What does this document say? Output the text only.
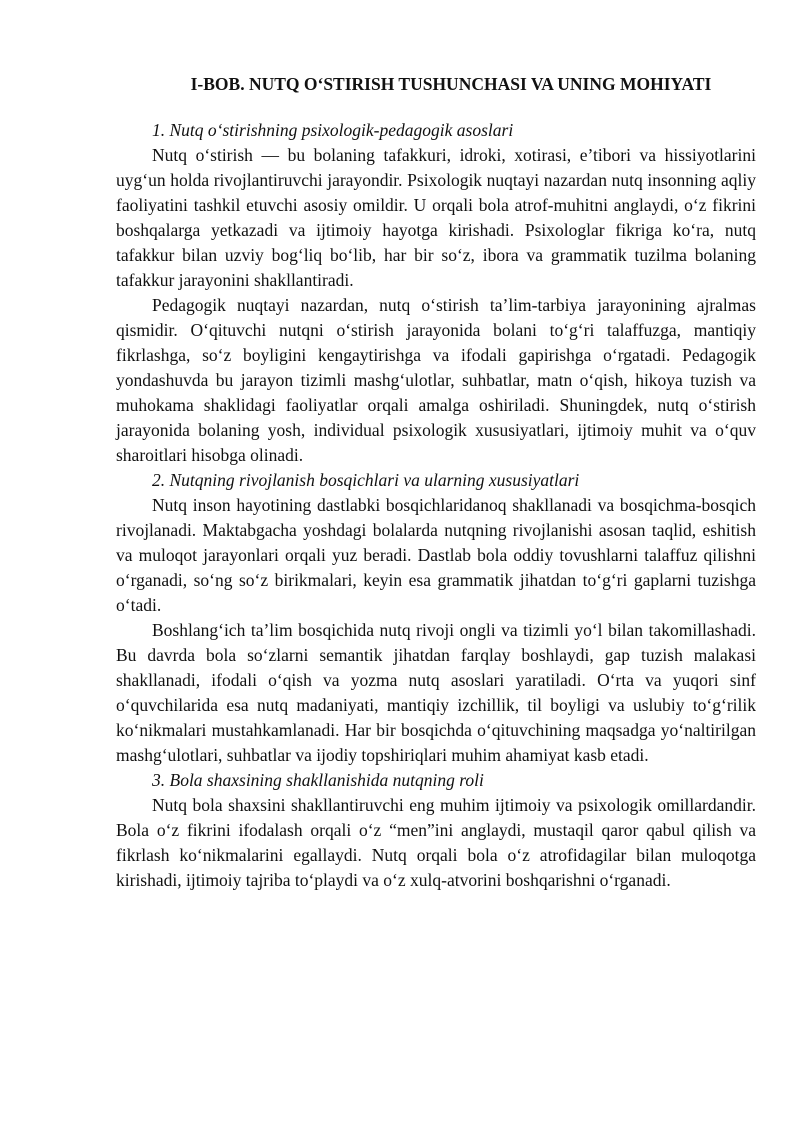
I-BOB. NUTQ O‘STIRISH TUSHUNCHASI VA UNING MOHIYATI

1. Nutq o‘stirishning psixologik-pedagogik asoslari

Nutq o‘stirish — bu bolaning tafakkuri, idroki, xotirasi, e’tibori va hissiyotlarini uyg‘un holda rivojlantiruvchi jarayondir. Psixologik nuqtayi nazardan nutq insonning aqliy faoliyatini tashkil etuvchi asosiy omildir. U orqali bola atrof-muhitni anglaydi, o‘z fikrini boshqalarga yetkazadi va ijtimoiy hayotga kirishadi. Psixologlar fikriga ko‘ra, nutq tafakkur bilan uzviy bog‘liq bo‘lib, har bir so‘z, ibora va grammatik tuzilma bolaning tafakkur jarayonini shakllantiradi.

Pedagogik nuqtayi nazardan, nutq o‘stirish ta’lim-tarbiya jarayonining ajralmas qismidir. O‘qituvchi nutqni o‘stirish jarayonida bolani to‘g‘ri talaffuzga, mantiqiy fikrlashga, so‘z boyligini kengaytirishga va ifodali gapirishga o‘rgatadi. Pedagogik yondashuvda bu jarayon tizimli mashg‘ulotlar, suhbatlar, matn o‘qish, hikoya tuzish va muhokama shaklidagi faoliyatlar orqali amalga oshiriladi. Shuningdek, nutq o‘stirish jarayonida bolaning yosh, individual psixologik xususiyatlari, ijtimoiy muhit va o‘quv sharoitlari hisobga olinadi.

2. Nutqning rivojlanish bosqichlari va ularning xususiyatlari

Nutq inson hayotining dastlabki bosqichlaridanoq shakllanadi va bosqichma-bosqich rivojlanadi. Maktabgacha yoshdagi bolalarda nutqning rivojlanishi asosan taqlid, eshitish va muloqot jarayonlari orqali yuz beradi. Dastlab bola oddiy tovushlarni talaffuz qilishni o‘rganadi, so‘ng so‘z birikmalari, keyin esa grammatik jihatdan to‘g‘ri gaplarni tuzishga o‘tadi.

Boshlang‘ich ta’lim bosqichida nutq rivoji ongli va tizimli yo‘l bilan takomillashadi. Bu davrda bola so‘zlarni semantik jihatdan farqlay boshlaydi, gap tuzish malakasi shakllanadi, ifodali o‘qish va yozma nutq asoslari yaratiladi. O‘rta va yuqori sinf o‘quvchilarida esa nutq madaniyati, mantiqiy izchillik, til boyligi va uslubiy to‘g‘rilik ko‘nikmalari mustahkamlanadi. Har bir bosqichda o‘qituvchining maqsadga yo‘naltirilgan mashg‘ulotlari, suhbatlar va ijodiy topshiriqlari muhim ahamiyat kasb etadi.

3. Bola shaxsining shakllanishida nutqning roli

Nutq bola shaxsini shakllantiruvchi eng muhim ijtimoiy va psixologik omillardandir. Bola o‘z fikrini ifodalash orqali o‘z “men”ini anglaydi, mustaqil qaror qabul qilish va fikrlash ko‘nikmalarini egallaydi. Nutq orqali bola o‘z atrofidagilar bilan muloqotga kirishadi, ijtimoiy tajriba to‘playdi va o‘z xulq-atvorini boshqarishni o‘rganadi.
